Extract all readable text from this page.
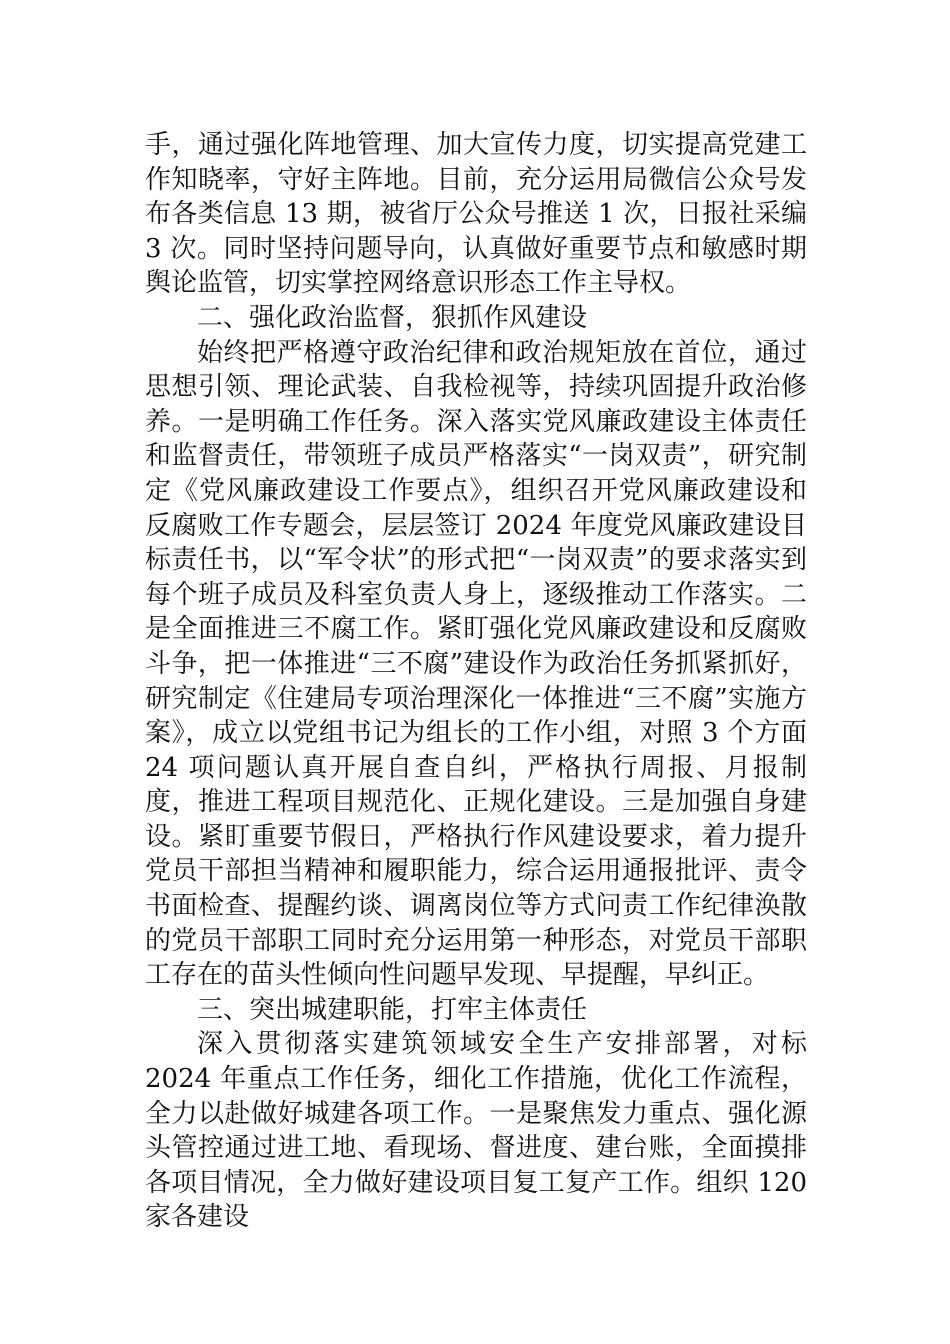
手，通过强化阵地管理、加大宣传力度，切实提高党建工作知晓率，守好主阵地。目前，充分运用局微信公众号发布各类信息 13 期，被省厅公众号推送 1 次，日报社采编 3 次。同时坚持问题导向，认真做好重要节点和敏感时期舆论监管，切实掌控网络意识形态工作主导权。

二、强化政治监督，狠抓作风建设

始终把严格遵守政治纪律和政治规矩放在首位，通过思想引领、理论武装、自我检视等，持续巩固提升政治修养。一是明确工作任务。深入落实党风廉政建设主体责任和监督责任，带领班子成员严格落实“一岗双责”，研究制定《党风廉政建设工作要点》，组织召开党风廉政建设和反腐败工作专题会，层层签订 2024 年度党风廉政建设目标责任书，以“军令状”的形式把“一岗双责”的要求落实到每个班子成员及科室负责人身上，逐级推动工作落实。二是全面推进三不腐工作。紧盯强化党风廉政建设和反腐败斗争，把一体推进“三不腐”建设作为政治任务抓紧抓好，研究制定《住建局专项治理深化一体推进“三不腐”实施方案》，成立以党组书记为组长的工作小组，对照 3 个方面 24 项问题认真开展自查自纠，严格执行周报、月报制度，推进工程项目规范化、正规化建设。三是加强自身建设。紧盯重要节假日，严格执行作风建设要求，着力提升党员干部担当精神和履职能力，综合运用通报批评、责令书面检查、提醒约谈、调离岗位等方式问责工作纪律涣散的党员干部职工同时充分运用第一种形态，对党员干部职工存在的苗头性倾向性问题早发现、早提醒，早纠正。

三、突出城建职能，打牢主体责任

深入贯彻落实建筑领域安全生产安排部署，对标 2024 年重点工作任务，细化工作措施，优化工作流程，全力以赴做好城建各项工作。一是聚焦发力重点、强化源头管控通过进工地、看现场、督进度、建台账，全面摸排各项目情况，全力做好建设项目复工复产工作。组织 120 家各建设
